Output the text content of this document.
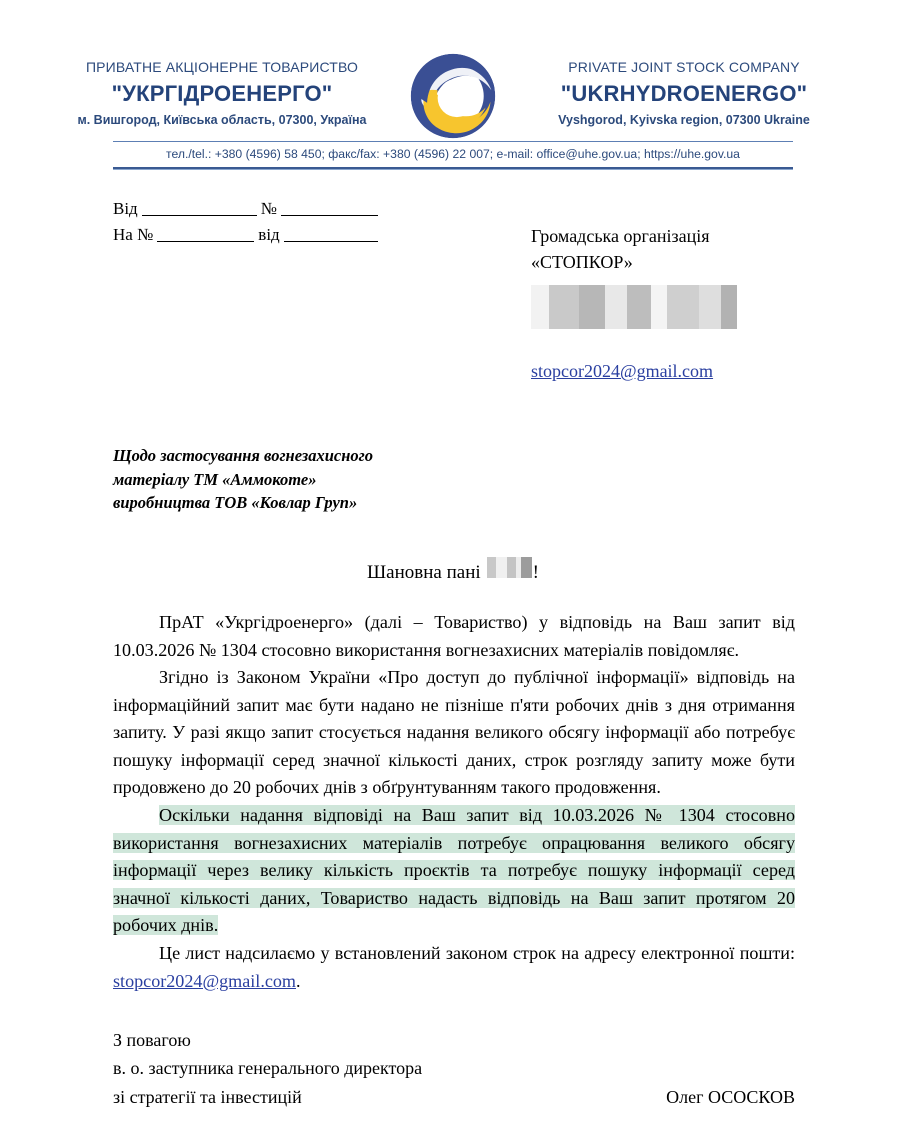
ПРИВАТНЕ АКЦІОНЕРНЕ ТОВАРИСТВО
"УКРГІДРОЕНЕРГО"
м. Вишгород, Київська область, 07300, Україна
PRIVATE JOINT STOCK COMPANY
"UKRHYDROENERGO"
Vyshgorod, Kyivska region, 07300 Ukraine
тел./tel.: +380 (4596) 58 450; факс/fax: +380 (4596) 22 007; e-mail: office@uhe.gov.ua; https://uhe.gov.ua
Від	№
На №	від	Громадська організація
«СТОПКОР»
stopcor2024@gmail.com
Щодо застосування вогнезахисного
матеріалу ТМ «Аммокоте»
виробництва ТОВ «Ковлар Груп»
Шановна пані	!

ПрАТ «Укргідроенерго» (далі – Товариство) у відповідь на Ваш запит від 10.03.2026 № 1304 стосовно використання вогнезахисних матеріалів повідомляє.

Згідно із Законом України «Про доступ до публічної інформації» відповідь на інформаційний запит має бути надано не пізніше п'яти робочих днів з дня отримання запиту. У разі якщо запит стосується надання великого обсягу інформації або потребує пошуку інформації серед значної кількості даних, строк розгляду запиту може бути продовжено до 20 робочих днів з обґрунтуванням такого продовження.

Оскільки надання відповіді на Ваш запит від 10.03.2026 № 1304 стосовно використання вогнезахисних матеріалів потребує опрацювання великого обсягу інформації через велику кількість проєктів та потребує пошуку інформації серед значної кількості даних, Товариство надасть відповідь на Ваш запит протягом 20 робочих днів.

Це лист надсилаємо у встановлений законом строк на адресу електронної пошти: stopcor2024@gmail.com.

З повагою
в. о. заступника генерального директора
зі стратегії та інвестицій	Олег ОСОСКОВ
